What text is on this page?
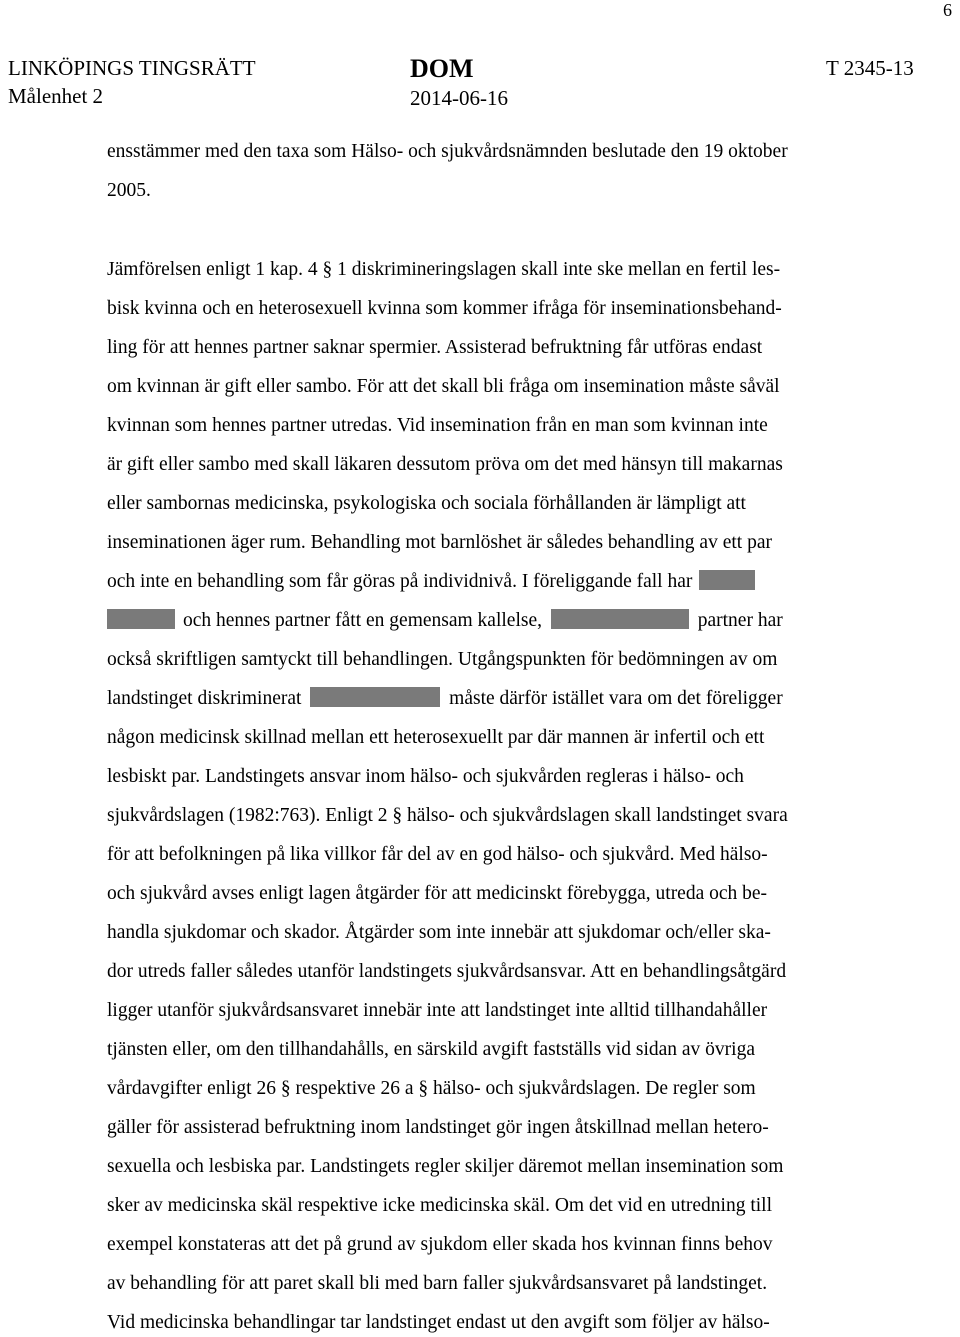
6
LINKÖPINGS TINGSRÄTT
Målenhet 2
DOM
2014-06-16
T 2345-13
ensstämmer med den taxa som Hälso- och sjukvårdsnämnden beslutade den 19 oktober
2005.
Jämförelsen enligt 1 kap. 4 § 1 diskrimineringslagen skall inte ske mellan en fertil les-
bisk kvinna och en heterosexuell kvinna som kommer ifråga för inseminationsbehand-
ling för att hennes partner saknar spermier. Assisterad befruktning får utföras endast
om kvinnan är gift eller sambo. För att det skall bli fråga om insemination måste såväl
kvinnan som hennes partner utredas. Vid insemination från en man som kvinnan inte
är gift eller sambo med skall läkaren dessutom pröva om det med hänsyn till makarnas
eller sambornas medicinska, psykologiska och sociala förhållanden är lämpligt att
inseminationen äger rum. Behandling mot barnlöshet är således behandling av ett par
och inte en behandling som får göras på individnivå. I föreliggande fall har
och hennes partner fått en gemensam kallelse,	partner har
också skriftligen samtyckt till behandlingen. Utgångspunkten för bedömningen av om
landstinget diskriminerat	måste därför istället vara om det föreligger
någon medicinsk skillnad mellan ett heterosexuellt par där mannen är infertil och ett
lesbiskt par. Landstingets ansvar inom hälso- och sjukvården regleras i hälso- och
sjukvårdslagen (1982:763). Enligt 2 § hälso- och sjukvårdslagen skall landstinget svara
för att befolkningen på lika villkor får del av en god hälso- och sjukvård. Med hälso-
och sjukvård avses enligt lagen åtgärder för att medicinskt förebygga, utreda och be-
handla sjukdomar och skador. Åtgärder som inte innebär att sjukdomar och/eller ska-
dor utreds faller således utanför landstingets sjukvårdsansvar. Att en behandlingsåtgärd
ligger utanför sjukvårdsansvaret innebär inte att landstinget inte alltid tillhandahåller
tjänsten eller, om den tillhandahålls, en särskild avgift fastställs vid sidan av övriga
vårdavgifter enligt 26 § respektive 26 a § hälso- och sjukvårdslagen. De regler som
gäller för assisterad befruktning inom landstinget gör ingen åtskillnad mellan hetero-
sexuella och lesbiska par. Landstingets regler skiljer däremot mellan insemination som
sker av medicinska skäl respektive icke medicinska skäl. Om det vid en utredning till
exempel konstateras att det på grund av sjukdom eller skada hos kvinnan finns behov
av behandling för att paret skall bli med barn faller sjukvårdsansvaret på landstinget.
Vid medicinska behandlingar tar landstinget endast ut den avgift som följer av hälso-
